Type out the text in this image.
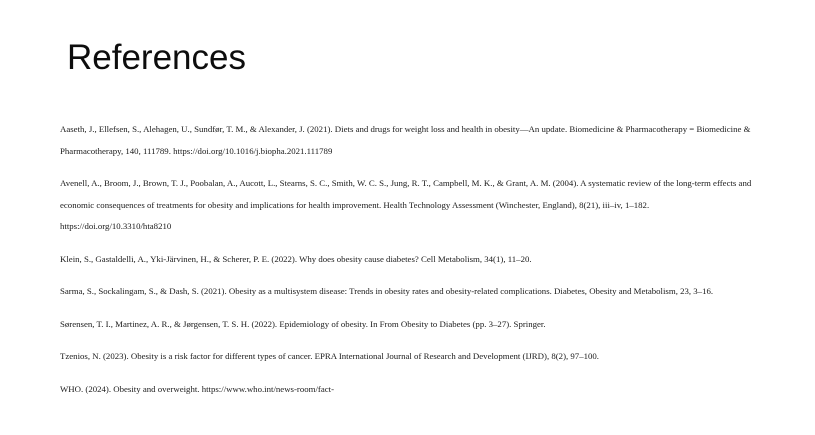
References
Aaseth, J., Ellefsen, S., Alehagen, U., Sundfør, T. M., & Alexander, J. (2021). Diets and drugs for weight loss and health in obesity—An update. Biomedicine & Pharmacotherapy = Biomedicine & Pharmacotherapy, 140, 111789. https://doi.org/10.1016/j.biopha.2021.111789
Avenell, A., Broom, J., Brown, T. J., Poobalan, A., Aucott, L., Stearns, S. C., Smith, W. C. S., Jung, R. T., Campbell, M. K., & Grant, A. M. (2004). A systematic review of the long-term effects and economic consequences of treatments for obesity and implications for health improvement. Health Technology Assessment (Winchester, England), 8(21), iii–iv, 1–182. https://doi.org/10.3310/hta8210
Klein, S., Gastaldelli, A., Yki-Järvinen, H., & Scherer, P. E. (2022). Why does obesity cause diabetes? Cell Metabolism, 34(1), 11–20.
Sarma, S., Sockalingam, S., & Dash, S. (2021). Obesity as a multisystem disease: Trends in obesity rates and obesity-related complications. Diabetes, Obesity and Metabolism, 23, 3–16.
Sørensen, T. I., Martinez, A. R., & Jørgensen, T. S. H. (2022). Epidemiology of obesity. In From Obesity to Diabetes (pp. 3–27). Springer.
Tzenios, N. (2023). Obesity is a risk factor for different types of cancer. EPRA International Journal of Research and Development (IJRD), 8(2), 97–100.
WHO. (2024). Obesity and overweight. https://www.who.int/news-room/fact-
